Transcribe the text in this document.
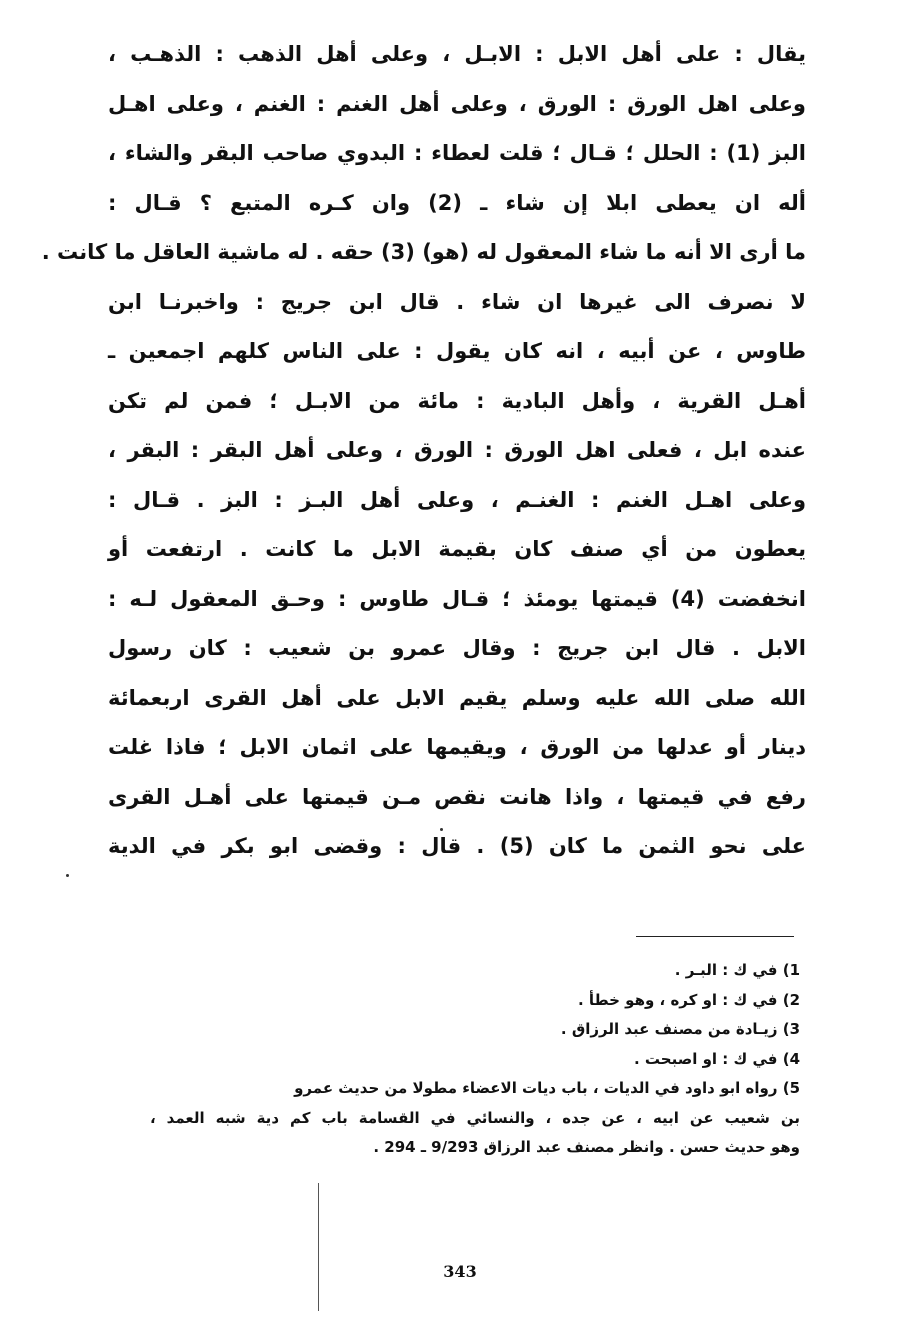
يقال : على أهل الابل : الابـل ، وعلى أهل الذهب : الذهـب ،
وعلى اهل الورق : الورق ، وعلى أهل الغنم : الغنم ، وعلى اهـل
البز (1) : الحلل ؛ قـال ؛ قلت لعطاء : البدوي صاحب البقر والشاء ،
أله ان يعطى ابلا إن شاء ـ (2) وان كـره المتبع ؟ قـال :
ما أرى الا أنه ما شاء المعقول له (هو) (3) حقه . له ماشية العاقل ما كانت .
لا نصرف الى غيرها ان شاء . قال ابن جريج : واخبرنـا ابن
طاوس ، عن أبيه ، انه كان يقول : على الناس كلهم اجمعين ـ
أهـل القرية ، وأهل البادية : مائة من الابـل ؛ فمن لم تكن
عنده ابل ، فعلى اهل الورق : الورق ، وعلى أهل البقر : البقر ،
وعلى اهـل الغنم : الغنـم ، وعلى أهل البـز : البز . قـال :
يعطون من أي صنف كان بقيمة الابل ما كانت . ارتفعت أو
انخفضت (4) قيمتها يومئذ ؛ قـال طاوس : وحـق المعقول لـه :
الابل . قال ابن جريج : وقال عمرو بن شعيب : كان رسول
الله صلى الله عليه وسلم يقيم الابل على أهل القرى اربعمائة
دينار أو عدلها من الورق ، ويقيمها على اثمان الابل ؛ فاذا غلت
رفع في قيمتها ، واذا هانت نقص مـن قيمتها على أهـل القرى
على نحو الثمن ما كان (5) . قال : وقضى ابو بكر في الدية
1) في ك : البـر .
2) في ك : او كره ، وهو خطأ .
3) زيـادة من مصنف عبد الرزاق .
4) في ك : او اصبحت .
5) رواه ابو داود في الديات ، باب ديات الاعضاء مطولا من حديث عمرو
بن شعيب عن ابيه ، عن جده ، والنسائي في القسامة باب كم دية شبه العمد ،
وهو حديث حسن . وانظر مصنف عبد الرزاق 9/293 ـ 294 .
343
